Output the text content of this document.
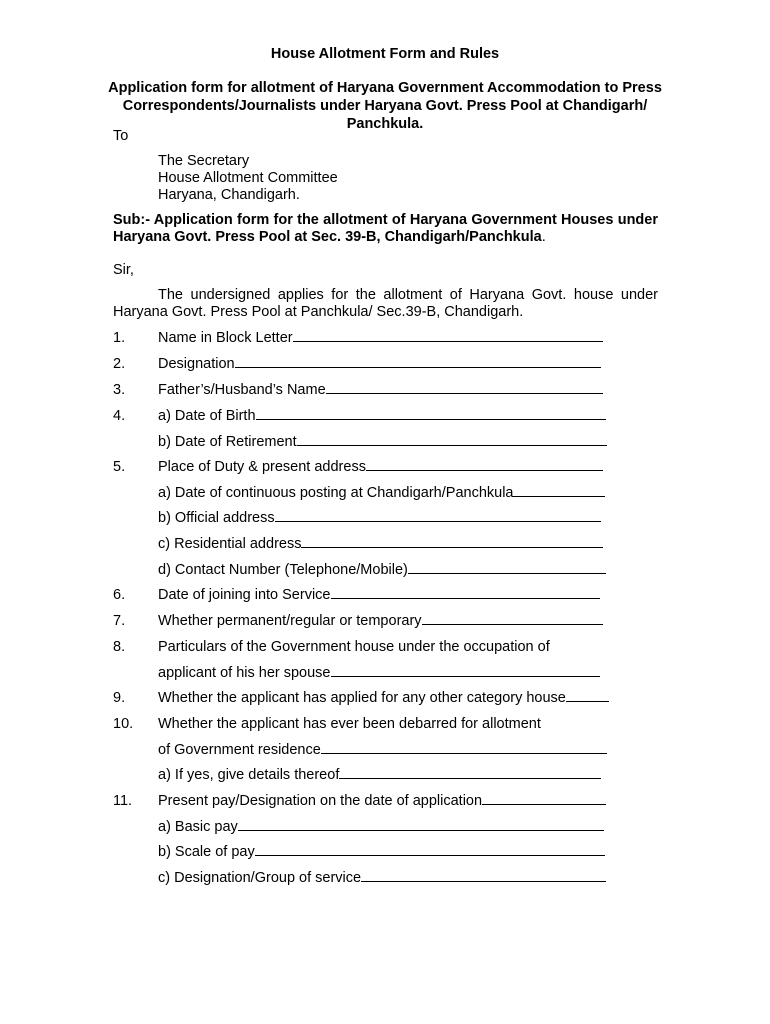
House Allotment Form and Rules
Application form for allotment of Haryana Government Accommodation to Press
Correspondents/Journalists under Haryana Govt. Press Pool at Chandigarh/
Panchkula.
To
The Secretary
House Allotment Committee
Haryana, Chandigarh.
Sub:- Application form for the allotment of Haryana Government Houses under
Haryana Govt. Press Pool at Sec. 39-B, Chandigarh/Panchkula.
Sir,
The undersigned applies for the allotment of Haryana Govt. house under
Haryana Govt. Press Pool at Panchkula/ Sec.39-B, Chandigarh.
1. Name in Block Letter
2. Designation
3. Father’s/Husband’s Name
4. a) Date of Birth
b) Date of Retirement
5. Place of Duty & present address
a) Date of continuous posting at Chandigarh/Panchkula
b) Official address
c) Residential address
d) Contact Number (Telephone/Mobile)
6. Date of joining into Service
7. Whether permanent/regular or temporary
8. Particulars of the Government house under the occupation of
applicant of his her spouse
9. Whether the applicant has applied for any other category house
10. Whether the applicant has ever been debarred for allotment
of Government residence
a) If yes, give details thereof
11. Present pay/Designation on the date of application
a) Basic pay
b) Scale of pay
c) Designation/Group of service
